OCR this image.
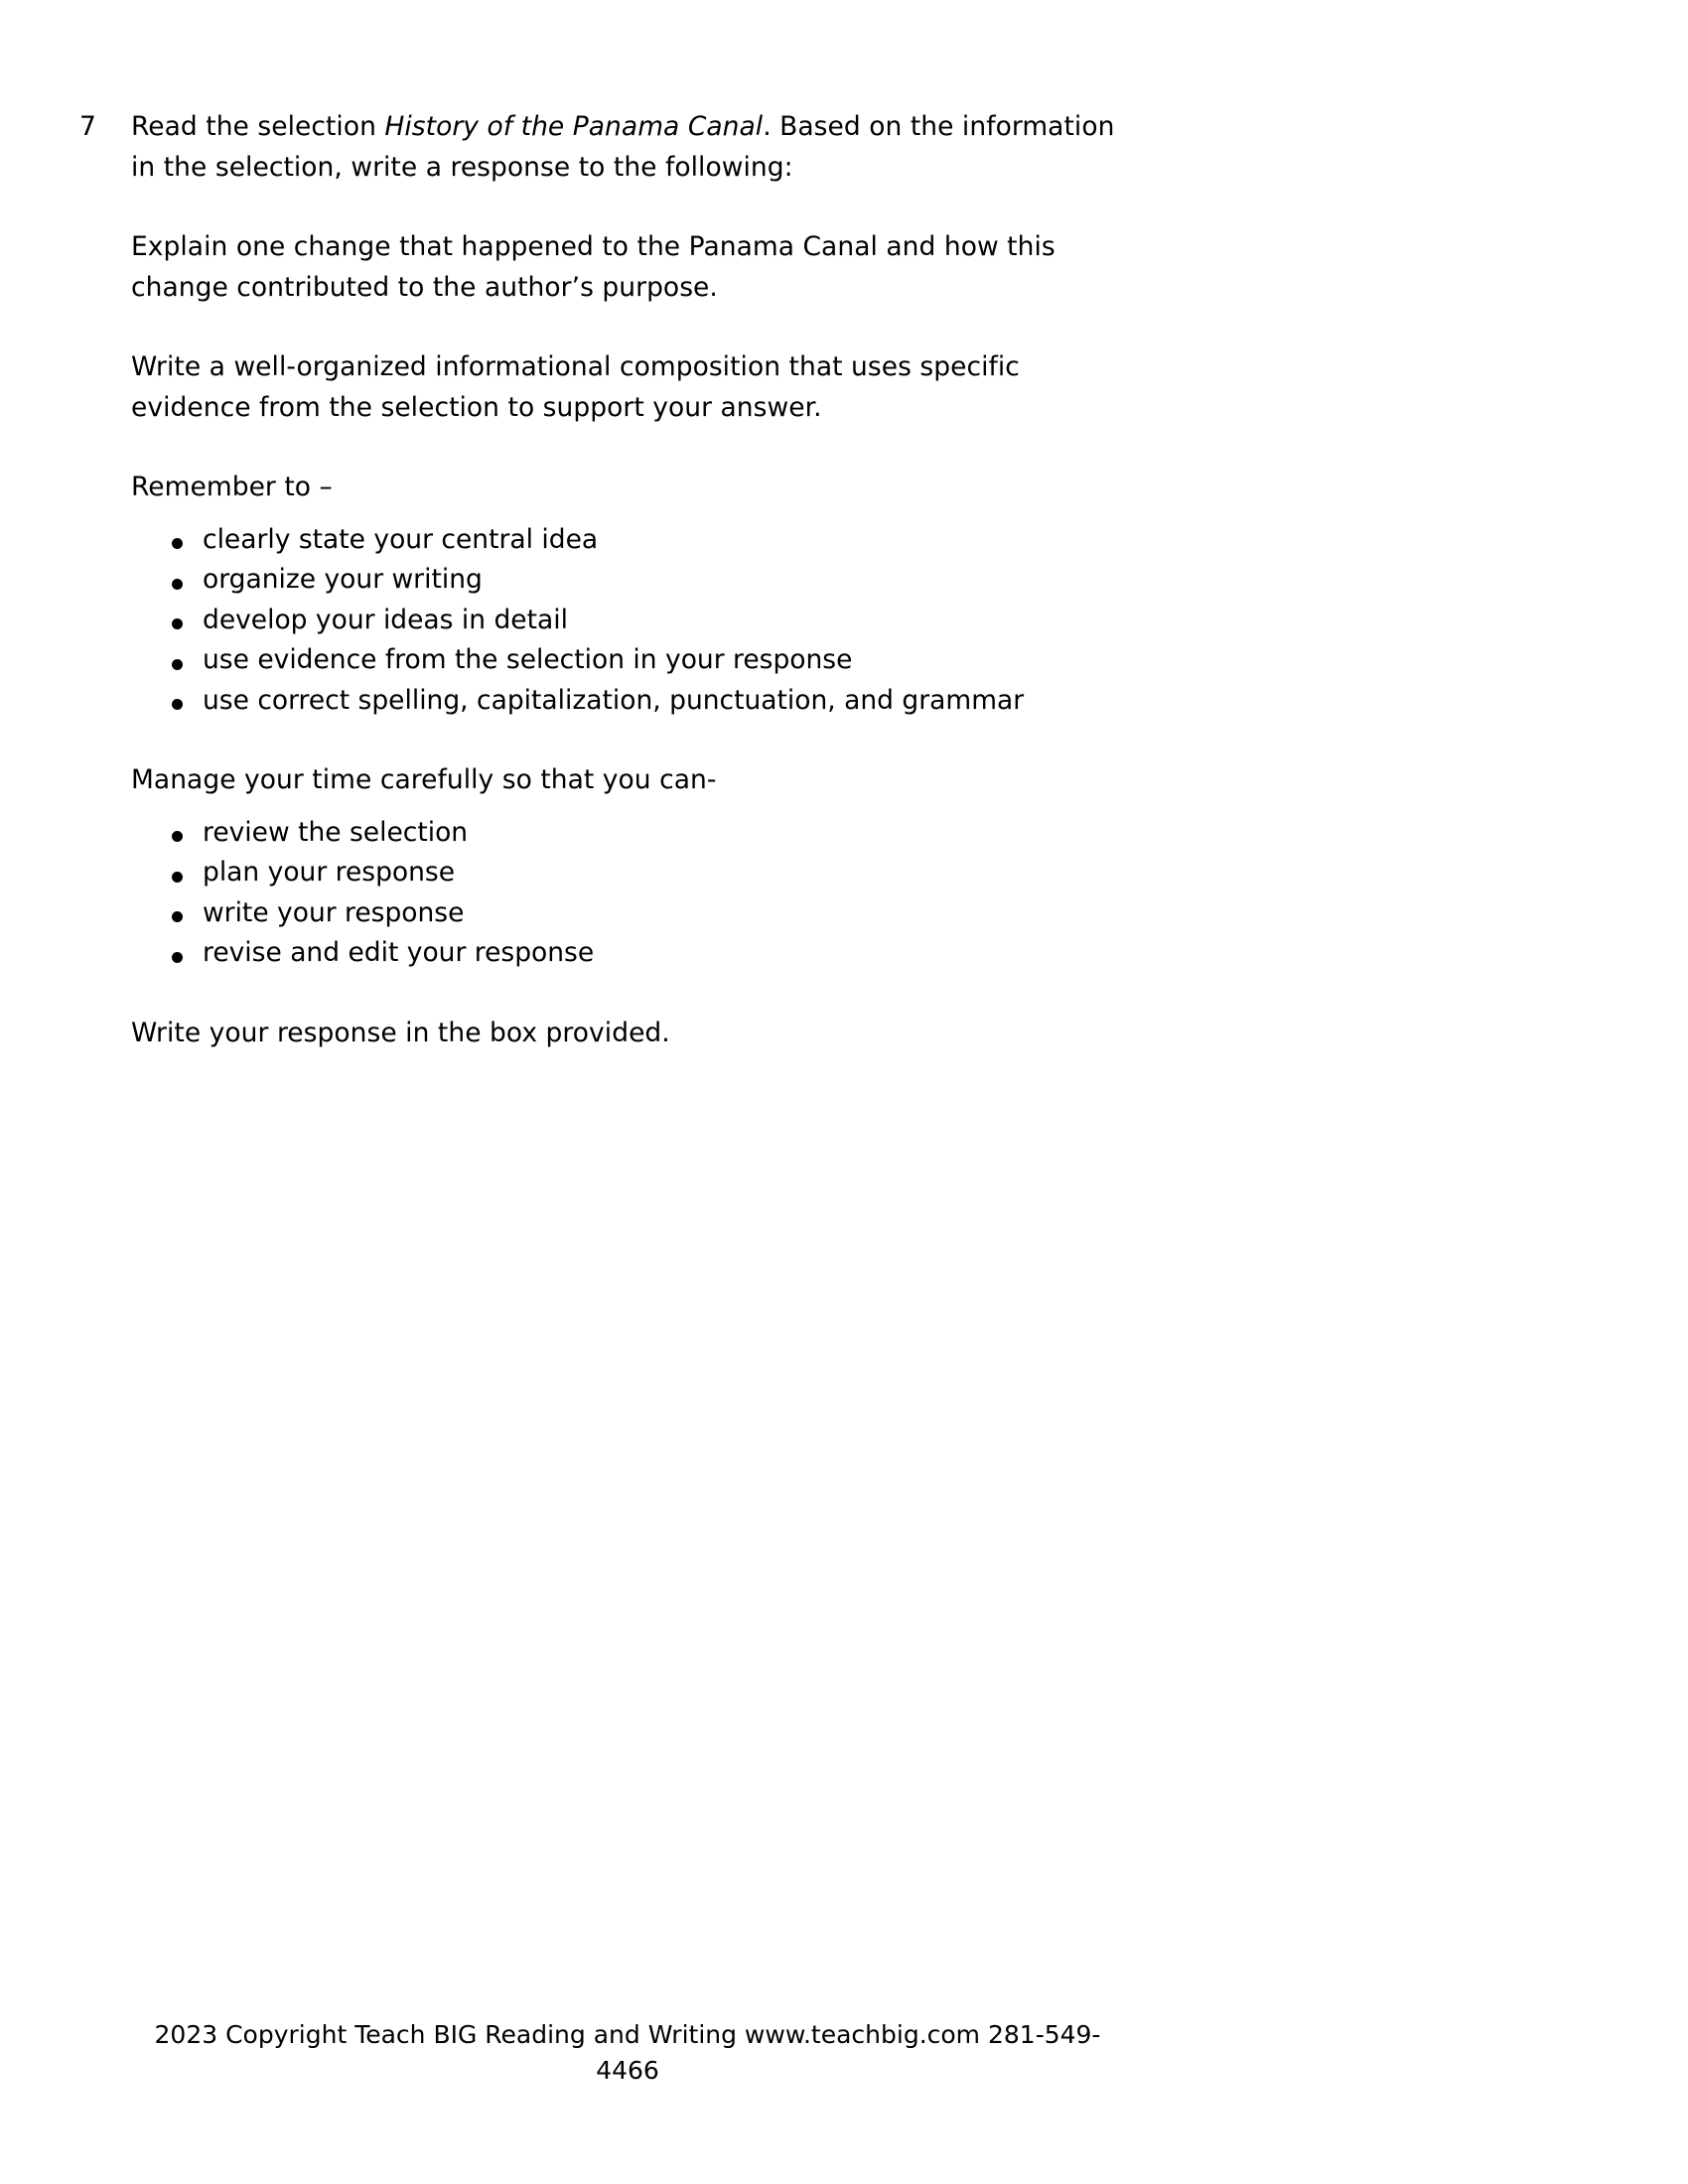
7	Read the selection History of the Panama Canal. Based on the information in the selection, write a response to the following:

Explain one change that happened to the Panama Canal and how this change contributed to the author’s purpose.

Write a well-organized informational composition that uses specific evidence from the selection to support your answer.

Remember to –

clearly state your central idea
organize your writing
develop your ideas in detail
use evidence from the selection in your response
use correct spelling, capitalization, punctuation, and grammar

Manage your time carefully so that you can-

review the selection
plan your response
write your response
revise and edit your response

Write your response in the box provided.

2023 Copyright Teach BIG Reading and Writing www.teachbig.com 281-549-4466
